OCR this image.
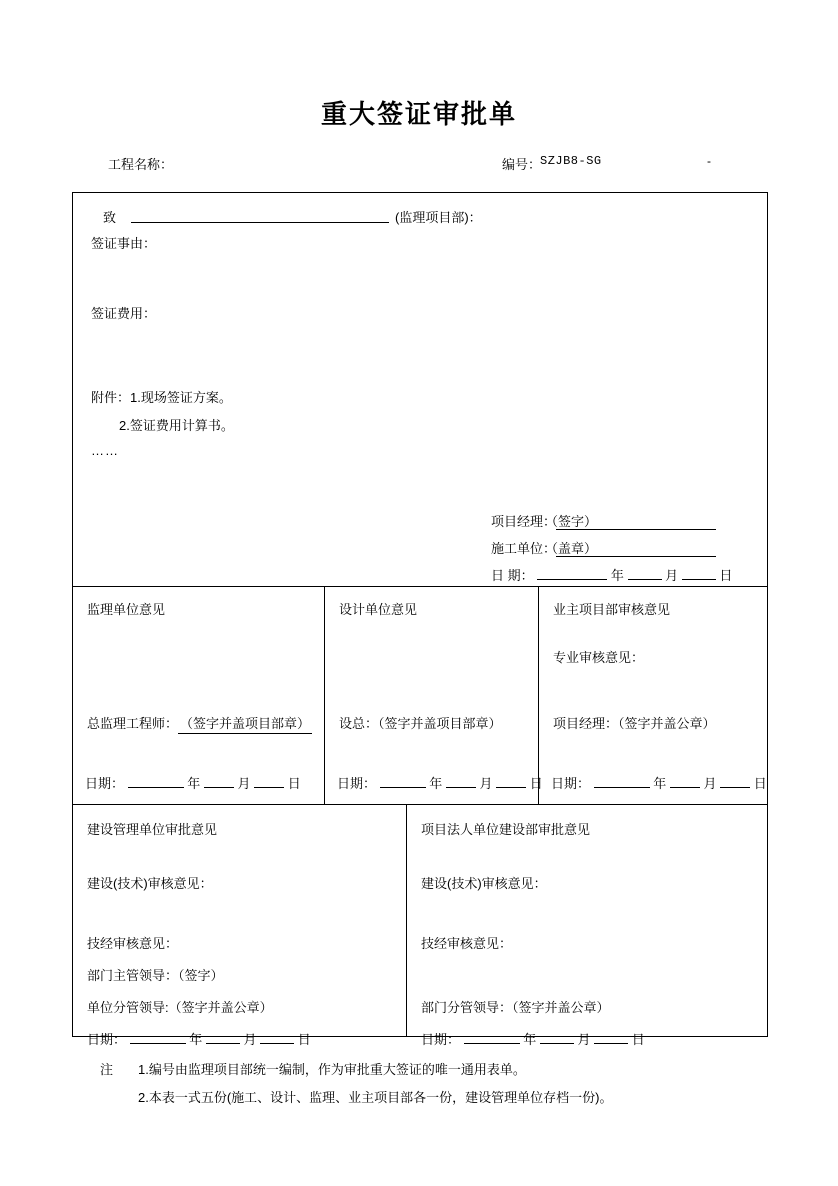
重大签证审批单
工程名称：	编号：
SZJB8-SG	-
致	(监理项目部)：
签证事由：
签证费用：
附件：1.现场签证方案。
2.签证费用计算书。
……
项目经理：
（签字）
施工单位：
（盖章）
日 期：	年	月	日
监理单位意见
总监理工程师： （签字并盖项目部章）
日期：	年	月	日
设计单位意见
设总：（签字并盖项目部章）
日期：	年	月	日
业主项目部审核意见
专业审核意见：
项目经理：（签字并盖公章）
日期：	年	月	日
建设管理单位审批意见
建设(技术)审核意见：
技经审核意见：
部门主管领导：（签字）
单位分管领导:（签字并盖公章）
日期：	年	月	日
项目法人单位建设部审批意见
建设(技术)审核意见：
技经审核意见：
部门分管领导：（签字并盖公章）
日期：	年	月	日
注 1.编号由监理项目部统一编制，作为审批重大签证的唯一通用表单。
2.本表一式五份(施工、设计、监理、业主项目部各一份，建设管理单位存档一份)。
